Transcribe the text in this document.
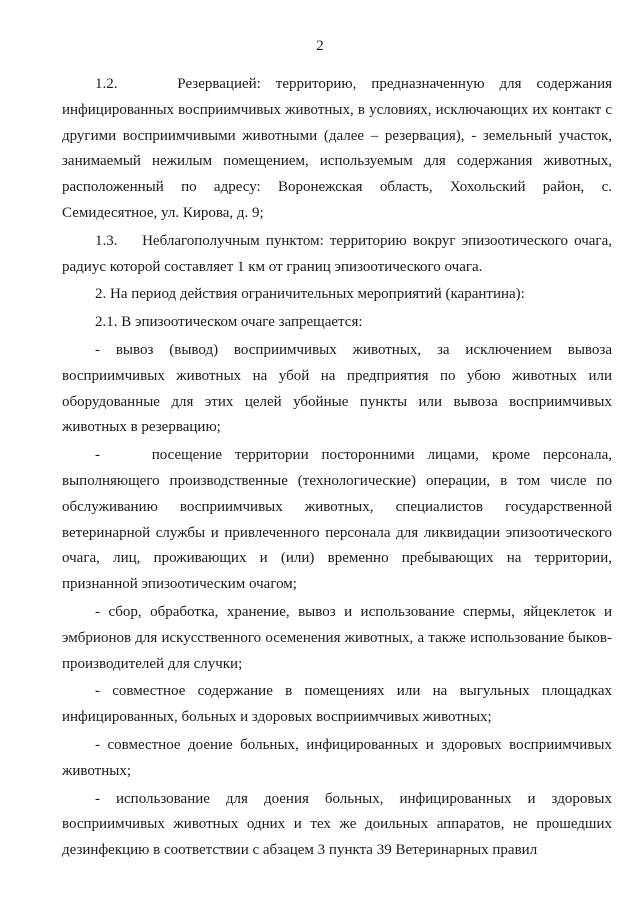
2

1.2.    Резервацией: территорию, предназначенную для содержания инфицированных восприимчивых животных, в условиях, исключающих их контакт с другими восприимчивыми животными (далее – резервация), - земельный участок, занимаемый нежилым помещением, используемым для содержания животных, расположенный по адресу: Воронежская область, Хохольский район, с. Семидесятное, ул. Кирова, д. 9;

1.3.    Неблагополучным пунктом: территорию вокруг эпизоотического очага, радиус которой составляет 1 км от границ эпизоотического очага.

2. На период действия ограничительных мероприятий (карантина):

2.1. В эпизоотическом очаге запрещается:

- вывоз (вывод) восприимчивых животных, за исключением вывоза восприимчивых животных на убой на предприятия по убою животных или оборудованные для этих целей убойные пункты или вывоза восприимчивых животных в резервацию;

-    посещение территории посторонними лицами, кроме персонала, выполняющего производственные (технологические) операции, в том числе по обслуживанию восприимчивых животных, специалистов государственной ветеринарной службы и привлеченного персонала для ликвидации эпизоотического очага, лиц, проживающих и (или) временно пребывающих на территории, признанной эпизоотическим очагом;

- сбор, обработка, хранение, вывоз и использование спермы, яйцеклеток и эмбрионов для искусственного осеменения животных, а также использование быков-производителей для случки;

- совместное содержание в помещениях или на выгульных площадках инфицированных, больных и здоровых восприимчивых животных;

- совместное доение больных, инфицированных и здоровых восприимчивых животных;

- использование для доения больных, инфицированных и здоровых восприимчивых животных одних и тех же доильных аппаратов, не прошедших дезинфекцию в соответствии с абзацем 3 пункта 39 Ветеринарных правил
